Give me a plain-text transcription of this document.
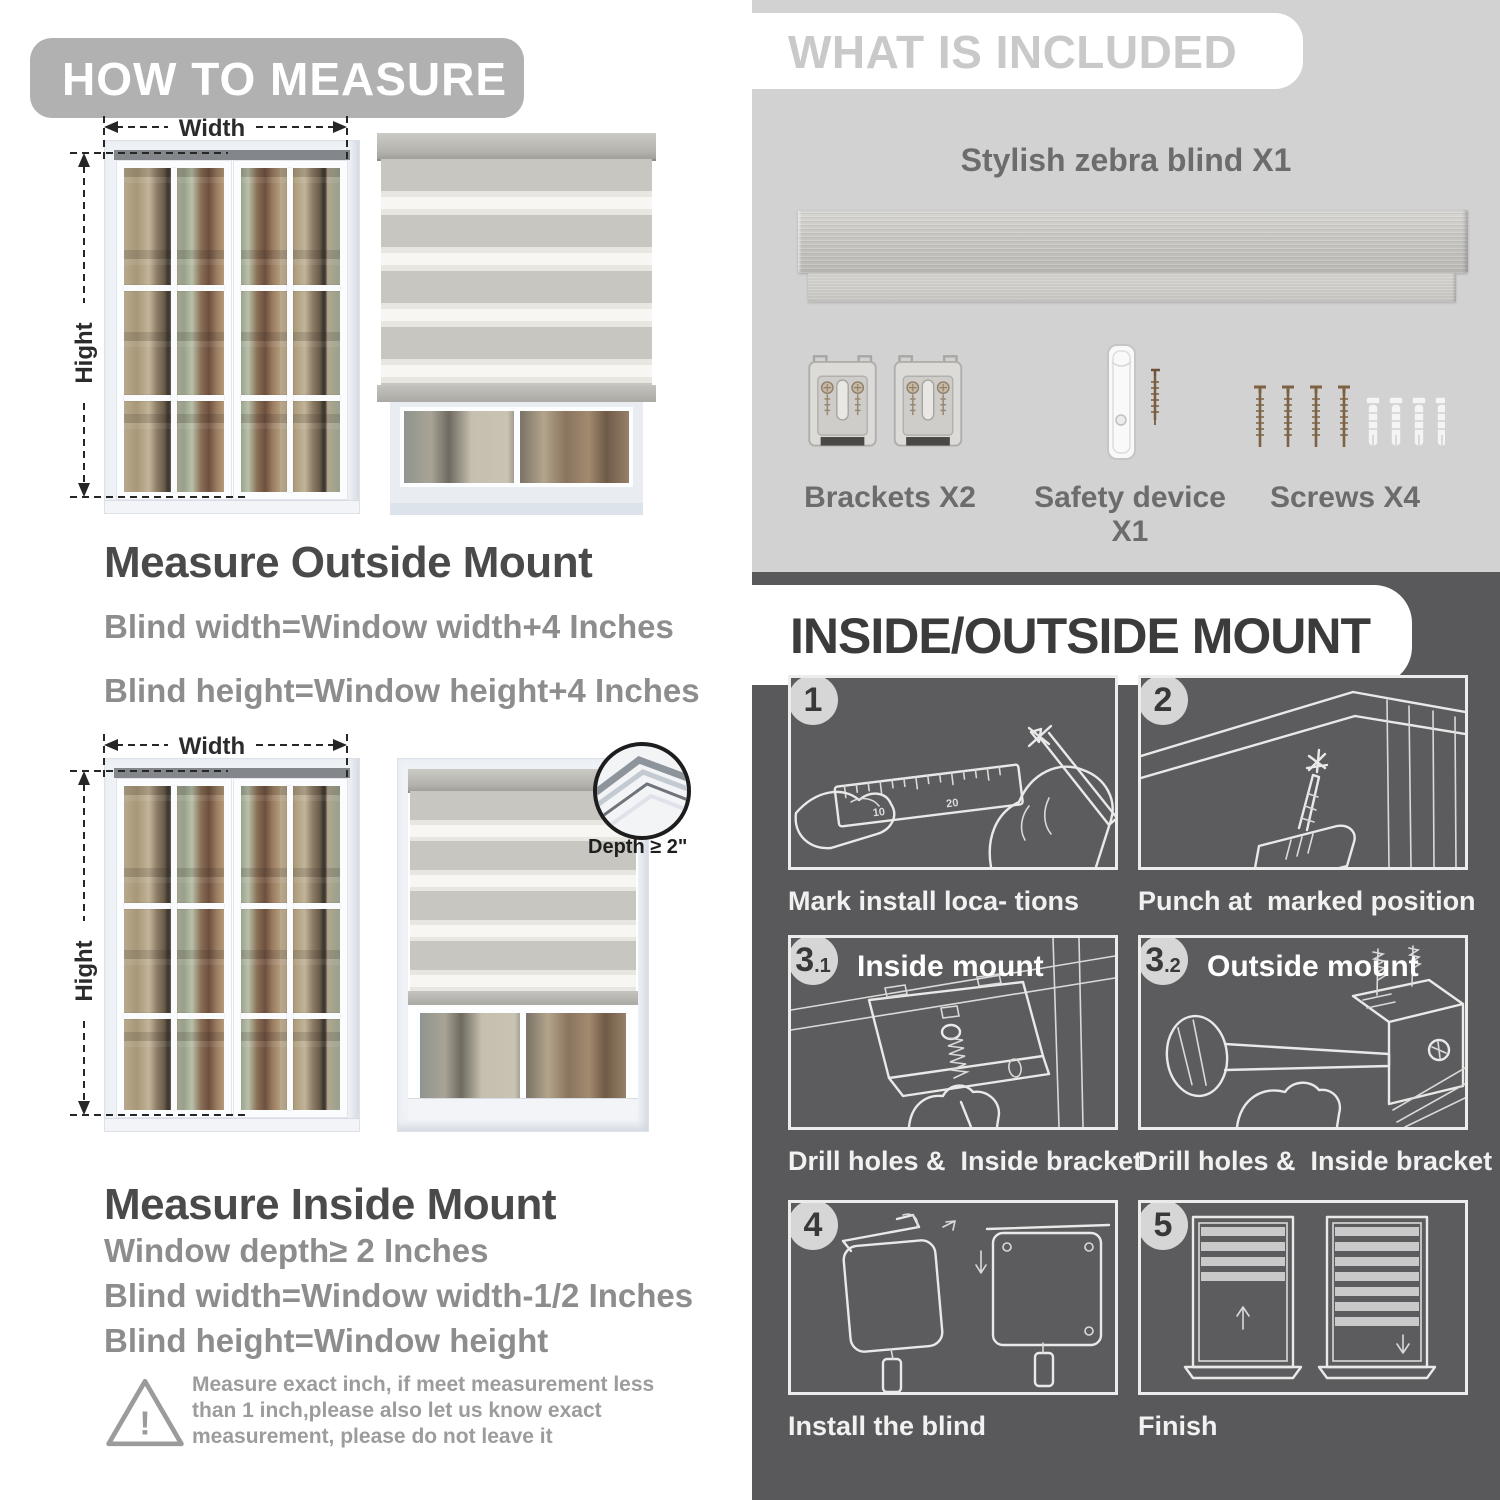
HOW TO MEASURE
Width
Hight
Measure Outside Mount
Blind width=Window width+4 Inches
Blind height=Window height+4 Inches
Width
Hight
Depth ≥ 2"
Measure Inside Mount
Window depth≥ 2 Inches
Blind width=Window width-1/2 Inches
Blind height=Window height
!
Measure exact inch, if meet measurement less than 1 inch,please also let us know exact measurement, please do not leave it
WHAT IS INCLUDED
Stylish zebra blind X1
Brackets X2	Safety device X1
Screws X4
INSIDE/OUTSIDE MOUNT
10
20
1
Mark install loca- tions
2
Punch at  marked position
3 .1 Inside mount
Drill holes &  Inside bracket
3 .2 Outside mount
Drill holes &  Inside bracket
4
Install the blind
5
Finish
